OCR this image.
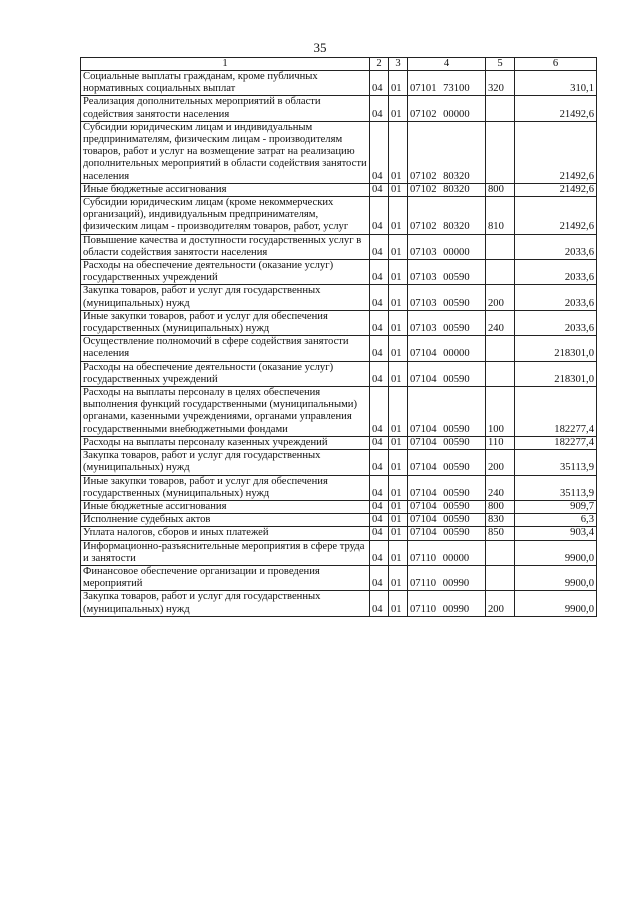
35
1	2	3	4	5	6
Социальные выплаты гражданам, кроме публичных нормативных социальных выплат	04	01	07101 73100	320	310,1
Реализация дополнительных мероприятий в области содействия занятости населения	04	01	07102 00000		21492,6
Субсидии юридическим лицам и индивидуальным предпринимателям, физическим лицам - производителям товаров, работ и услуг на возмещение затрат на реализацию дополнительных мероприятий в области содействия занятости населения	04	01	07102 80320		21492,6
Иные бюджетные ассигнования	04	01	07102 80320	800	21492,6
Субсидии юридическим лицам (кроме некоммерческих организаций), индивидуальным предпринимателям, физическим лицам - производителям товаров, работ, услуг	04	01	07102 80320	810	21492,6
Повышение качества и доступности государственных услуг в области содействия занятости населения	04	01	07103 00000		2033,6
Расходы на обеспечение деятельности (оказание услуг) государственных учреждений	04	01	07103 00590		2033,6
Закупка товаров, работ и услуг для государственных (муниципальных) нужд	04	01	07103 00590	200	2033,6
Иные закупки товаров, работ и услуг для обеспечения государственных (муниципальных) нужд	04	01	07103 00590	240	2033,6
Осуществление полномочий в сфере содействия занятости населения	04	01	07104 00000		218301,0
Расходы на обеспечение деятельности (оказание услуг) государственных учреждений	04	01	07104 00590		218301,0
Расходы на выплаты персоналу в целях обеспечения выполнения функций государственными (муниципальными) органами, казенными учреждениями, органами управления государственными внебюджетными фондами	04	01	07104 00590	100	182277,4
Расходы на выплаты персоналу казенных учреждений	04	01	07104 00590	110	182277,4
Закупка товаров, работ и услуг для государственных (муниципальных) нужд	04	01	07104 00590	200	35113,9
Иные закупки товаров, работ и услуг для обеспечения государственных (муниципальных) нужд	04	01	07104 00590	240	35113,9
Иные бюджетные ассигнования	04	01	07104 00590	800	909,7
Исполнение судебных актов	04	01	07104 00590	830	6,3
Уплата налогов, сборов и иных платежей	04	01	07104 00590	850	903,4
Информационно-разъяснительные мероприятия в сфере труда и занятости	04	01	07110 00000		9900,0
Финансовое обеспечение организации и проведения мероприятий	04	01	07110 00990		9900,0
Закупка товаров, работ и услуг для государственных (муниципальных) нужд	04	01	07110 00990	200	9900,0
